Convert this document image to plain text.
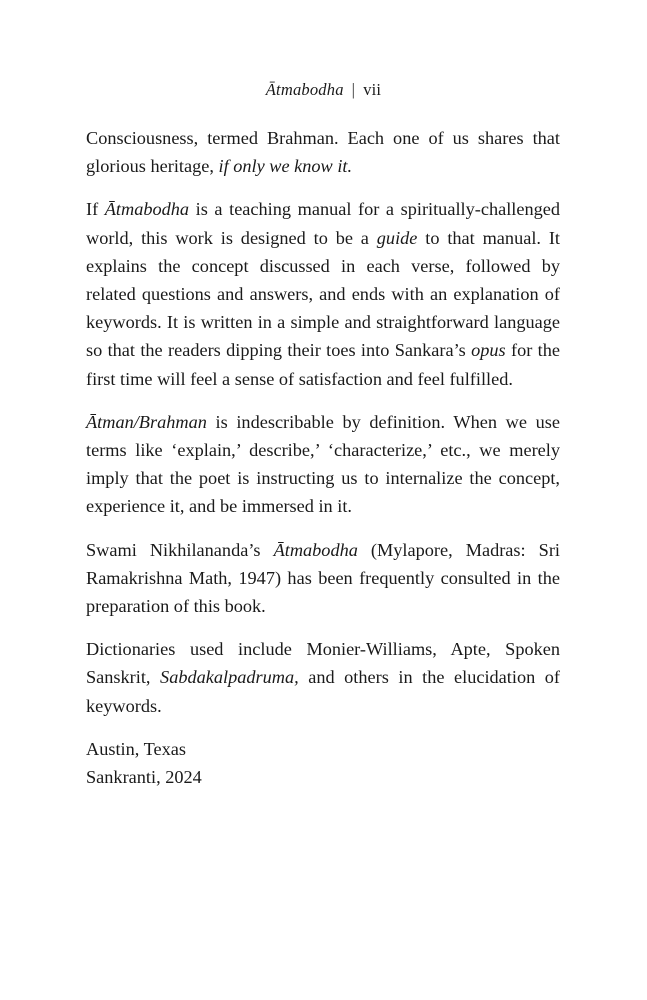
Ātmabodha | vii

Consciousness, termed Brahman. Each one of us shares that glorious heritage, if only we know it.

If Ātmabodha is a teaching manual for a spiritually-challenged world, this work is designed to be a guide to that manual. It explains the concept discussed in each verse, followed by related questions and answers, and ends with an explanation of keywords. It is written in a simple and straightforward language so that the readers dipping their toes into Sankara’s opus for the first time will feel a sense of satisfaction and feel fulfilled.

Ātman/Brahman is indescribable by definition. When we use terms like ‘explain,’ describe,’ ‘characterize,’ etc., we merely imply that the poet is instructing us to internalize the concept, experience it, and be immersed in it.

Swami Nikhilananda’s Ātmabodha (Mylapore, Madras: Sri Ramakrishna Math, 1947) has been frequently consulted in the preparation of this book.

Dictionaries used include Monier-Williams, Apte, Spoken Sanskrit, Sabdakalpadruma, and others in the elucidation of keywords.

Austin, Texas
Sankranti, 2024
